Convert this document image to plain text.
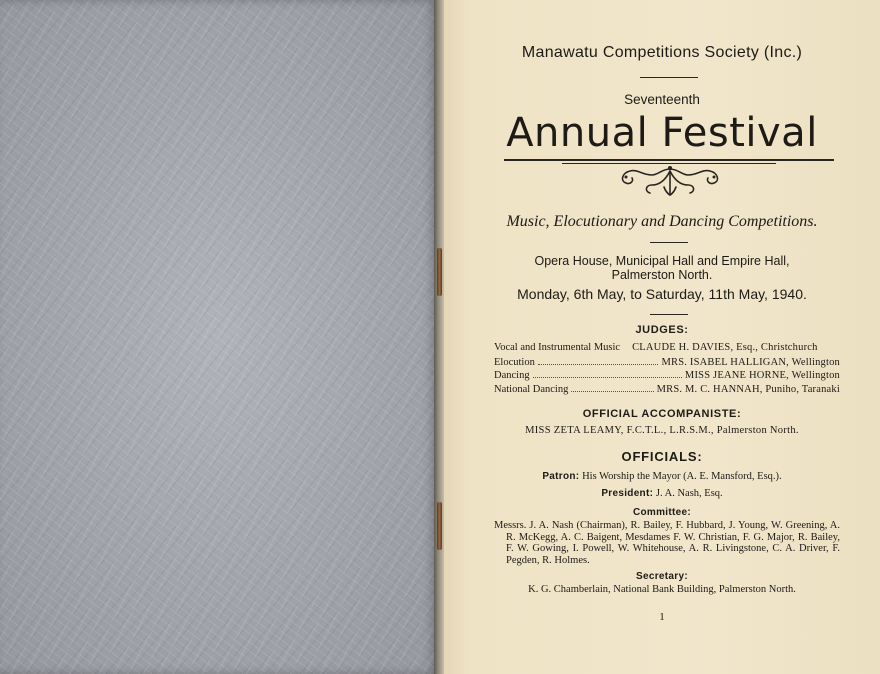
Manawatu Competitions Society (Inc.)
Seventeenth
Annual Festival
Music, Elocutionary and Dancing Competitions.
Opera House, Municipal Hall and Empire Hall,
Palmerston North.
Monday, 6th May, to Saturday, 11th May, 1940.
JUDGES:
Vocal and Instrumental Music CLAUDE H. DAVIES, Esq., Christchurch
Elocution	MRS. ISABEL HALLIGAN, Wellington
Dancing	MISS JEANE HORNE, Wellington
National Dancing	MRS. M. C. HANNAH, Puniho, Taranaki
OFFICIAL ACCOMPANISTE:
MISS ZETA LEAMY, F.C.T.L., L.R.S.M., Palmerston North.
OFFICIALS:
Patron: His Worship the Mayor (A. E. Mansford, Esq.).
President: J. A. Nash, Esq.
Committee:
Messrs. J. A. Nash (Chairman), R. Bailey, F. Hubbard, J. Young, W. Greening, A. R. McKegg, A. C. Baigent, Mesdames F. W. Christian, F. G. Major, R. Bailey, F. W. Gowing, I. Powell, W. Whitehouse, A. R. Livingstone, C. A. Driver, F. Pegden, R. Holmes.
Secretary:
K. G. Chamberlain, National Bank Building, Palmerston North.
1
